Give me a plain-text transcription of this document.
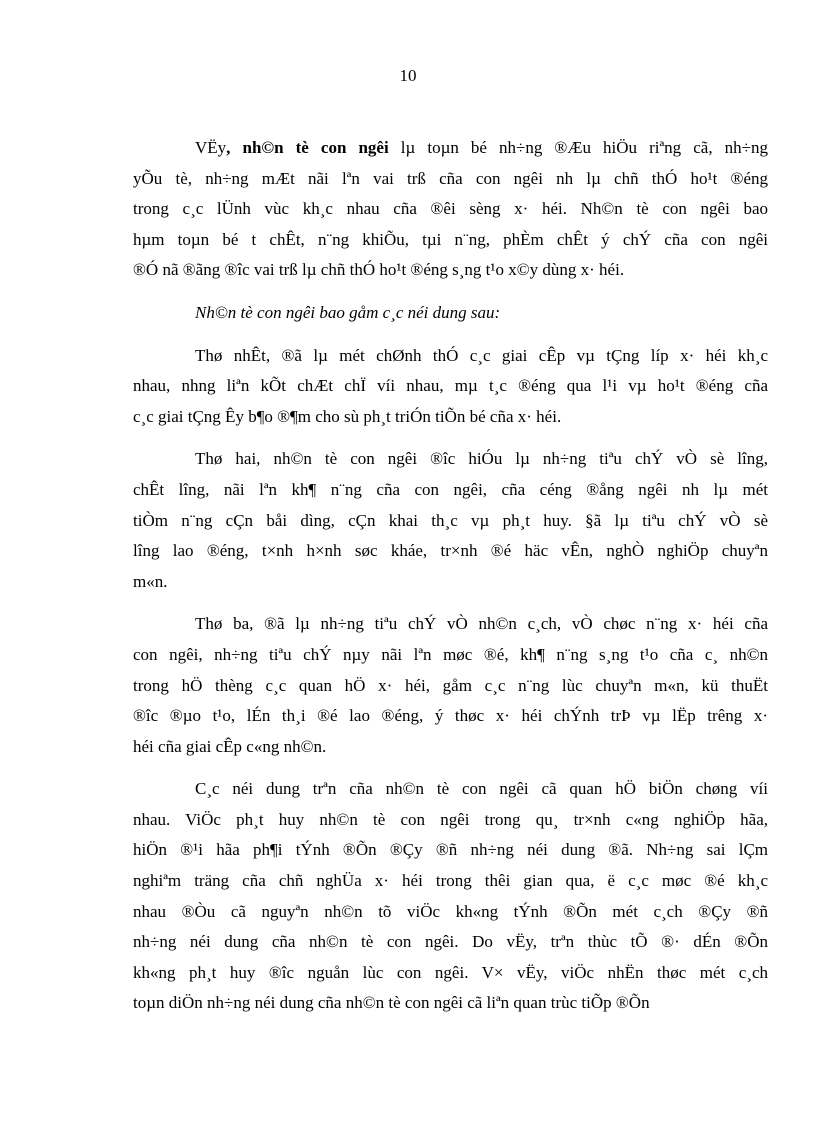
10
VËy, nh©n tè con ngêi lµ toµn bé nh÷ng ®Æu hiÖu riªng cã, nh÷ng
yÕu tè, nh÷ng mÆt nãi lªn vai trß cña con ngêi nh lµ chñ thÓ ho¹t ®éng
trong c¸c lÜnh vùc kh¸c nhau cña ®êi sèng x· héi. Nh©n tè con ngêi bao
hµm toµn bé t chÊt, n¨ng khiÕu, tµi n¨ng, phÈm chÊt ý chÝ cña con ngêi
®Ó nã ®ãng ®îc vai trß lµ chñ thÓ ho¹t ®éng s¸ng t¹o x©y dùng x· héi.
Nh©n tè con ngêi bao gåm c¸c néi dung sau:
Thø nhÊt, ®ã lµ mét chØnh thÓ c¸c giai cÊp vµ tÇng líp x· héi kh¸c
nhau, nhng liªn kÕt chÆt chÏ víi nhau, mµ t¸c ®éng qua l¹i vµ ho¹t ®éng cña
c¸c giai tÇng Êy b¶o ®¶m cho sù ph¸t triÓn tiÕn bé cña x· héi.
Thø hai, nh©n tè con ngêi ®îc hiÓu lµ nh÷ng tiªu chÝ vÒ sè lîng,
chÊt lîng, nãi lªn kh¶ n¨ng cña con ngêi, cña céng ®ång ngêi nh lµ mét
tiÒm n¨ng cÇn båi dìng, cÇn khai th¸c vµ ph¸t huy. §ã lµ tiªu chÝ vÒ sè
lîng lao ®éng, t×nh h×nh søc kháe, tr×nh ®é häc vÊn, nghÒ nghiÖp chuyªn
m«n.
Thø ba, ®ã lµ nh÷ng tiªu chÝ vÒ nh©n c¸ch, vÒ chøc n¨ng x· héi cña
con ngêi, nh÷ng tiªu chÝ nµy nãi lªn møc ®é, kh¶ n¨ng s¸ng t¹o cña c¸ nh©n
trong hÖ thèng c¸c quan hÖ x· héi, gåm c¸c n¨ng lùc chuyªn m«n, kü thuËt
®îc ®µo t¹o, lÉn th¸i ®é lao ®éng, ý thøc x· héi chÝnh trÞ vµ lËp trêng x·
héi cña giai cÊp c«ng nh©n.
C¸c néi dung trªn cña nh©n tè con ngêi cã quan hÖ biÖn chøng víi
nhau. ViÖc ph¸t huy nh©n tè con ngêi trong qu¸ tr×nh c«ng nghiÖp hãa,
hiÖn ®¹i hãa ph¶i tÝnh ®Õn ®Çy ®ñ nh÷ng néi dung ®ã. Nh÷ng sai lÇm
nghiªm träng cña chñ nghÜa x· héi trong thêi gian qua, ë c¸c møc ®é kh¸c
nhau ®Òu cã nguyªn nh©n tõ viÖc kh«ng tÝnh ®Õn mét c¸ch ®Çy ®ñ
nh÷ng néi dung cña nh©n tè con ngêi. Do vËy, trªn thùc tÕ ®· dÉn ®Õn
kh«ng ph¸t huy ®îc nguån lùc con ngêi. V× vËy, viÖc nhËn thøc mét c¸ch
toµn diÖn nh÷ng néi dung cña nh©n tè con ngêi cã liªn quan trùc tiÕp ®Õn
